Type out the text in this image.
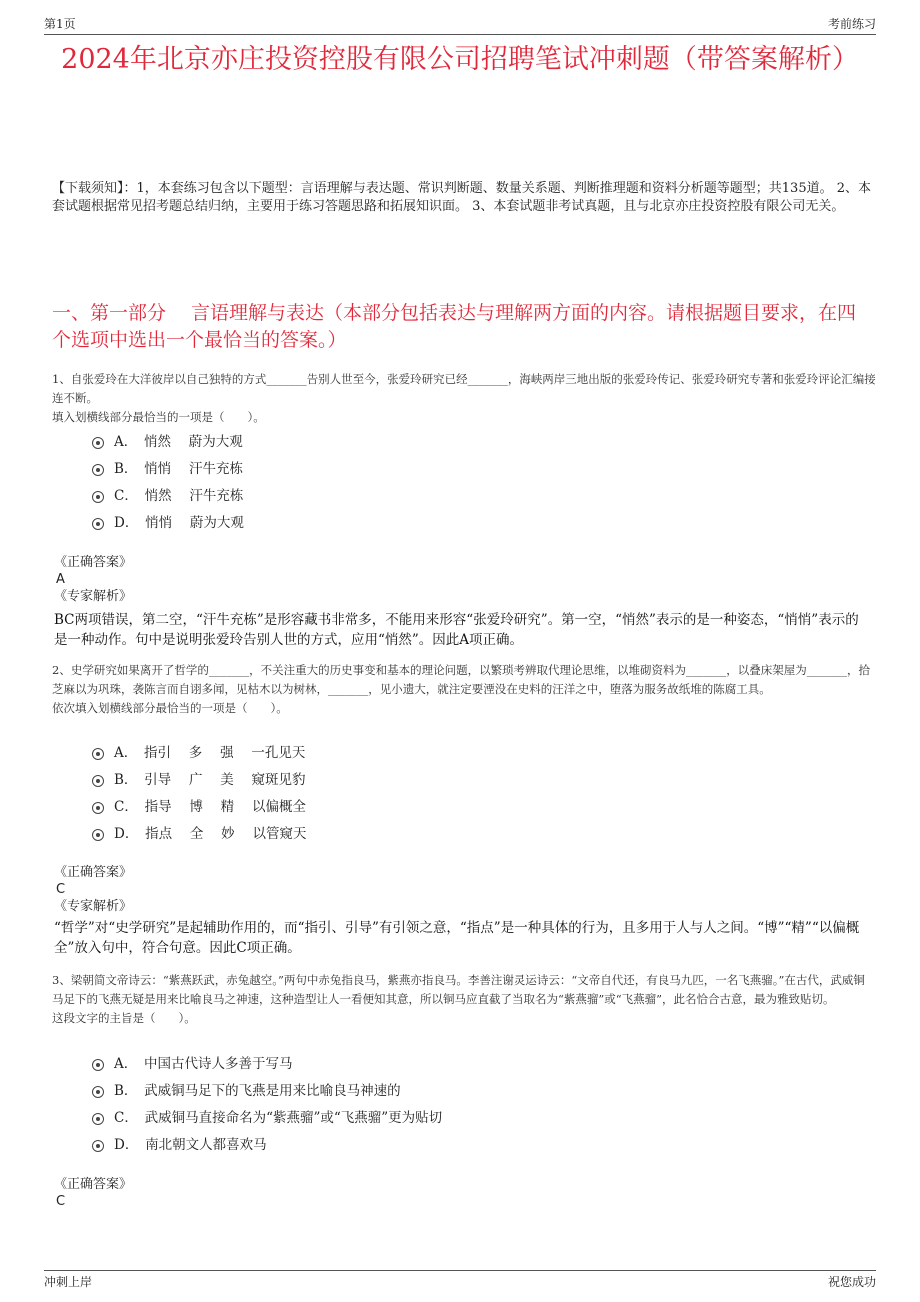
第1页	考前练习
2024年北京亦庄投资控股有限公司招聘笔试冲刺题（带答案解析）
【下载须知】：1，本套练习包含以下题型：言语理解与表达题、常识判断题、数量关系题、判断推理题和资料分析题等题型；共135道。 2、本套试题根据常见招考题总结归纳，主要用于练习答题思路和拓展知识面。 3、本套试题非考试真题，且与北京亦庄投资控股有限公司无关。
一、第一部分　 言语理解与表达（本部分包括表达与理解两方面的内容。请根据题目要求，在四个选项中选出一个最恰当的答案。）

1、自张爱玲在大洋彼岸以自己独特的方式_______告别人世至今，张爱玲研究已经_______，海峡两岸三地出版的张爱玲传记、张爱玲研究专著和张爱玲评论汇编接连不断。

填入划横线部分最恰当的一项是（　　）。

A．　悄然　 蔚为大观
B．　悄悄　 汗牛充栋
C．　悄然　 汗牛充栋
D．　悄悄　 蔚为大观
《正确答案》
A
《专家解析》
BC两项错误，第二空，“汗牛充栋”是形容藏书非常多，不能用来形容“张爱玲研究”。第一空，“悄然”表示的是一种姿态，“悄悄”表示的是一种动作。句中是说明张爱玲告别人世的方式，应用“悄然”。因此A项正确。

2、史学研究如果离开了哲学的_______，不关注重大的历史事变和基本的理论问题，以繁琐考辨取代理论思维，以堆砌资料为_______，以叠床架屋为_______，拾芝麻以为巩珠，袭陈言而自诩多闻，见枯木以为树林，_______，见小遗大，就注定要湮没在史料的汪洋之中，堕落为服务故纸堆的陈腐工具。

依次填入划横线部分最恰当的一项是（　　）。

A．　指引　 多　 强　 一孔见天
B．　引导　 广　 美　 窥斑见豹
C．　指导　 博　 精　 以偏概全
D．　指点　 全　 妙　 以管窥天
《正确答案》
C
《专家解析》
“哲学”对“史学研究”是起辅助作用的，而“指引、引导”有引领之意，“指点”是一种具体的行为，且多用于人与人之间。“博”“精”“以偏概全”放入句中，符合句意。因此C项正确。

3、梁朝简文帝诗云：“紫燕跃武，赤兔越空。”两句中赤兔指良马，紫燕亦指良马。李善注谢灵运诗云：“文帝自代还，有良马九匹，一名飞燕骝。”在古代，武威铜马足下的飞燕无疑是用来比喻良马之神速，这种造型让人一看便知其意，所以铜马应直截了当取名为“紫燕骝”或“飞燕骝”，此名恰合古意，最为雅致贴切。

这段文字的主旨是（　　）。

A．　中国古代诗人多善于写马
B．　武威铜马足下的飞燕是用来比喻良马神速的
C．　武威铜马直接命名为“紫燕骝”或“飞燕骝”更为贴切
D．　南北朝文人都喜欢马
《正确答案》
C
冲刺上岸	祝您成功
